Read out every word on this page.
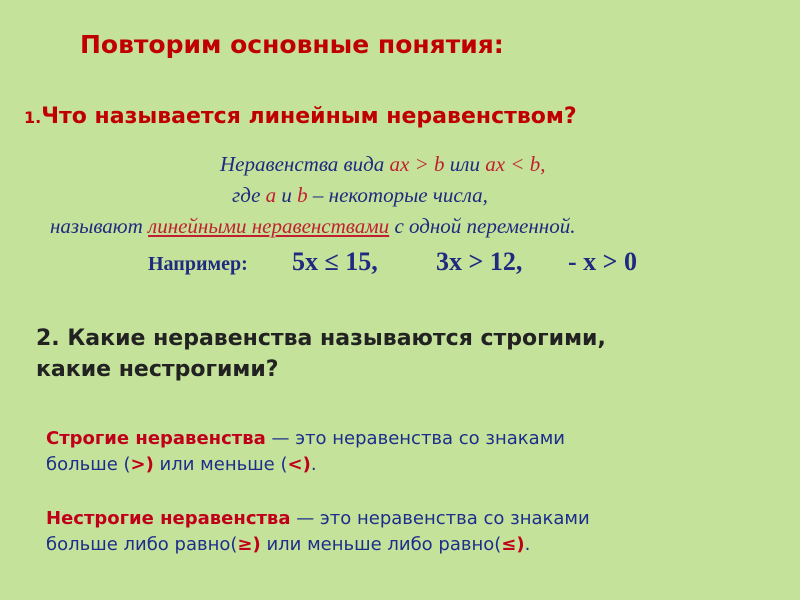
Повторим основные понятия:
1.Что называется линейным неравенством?
Неравенства вида ax > b или ax < b,
где a и b – некоторые числа,
называют линейными неравенствами с одной переменной.
Например: 5x ≤ 15, 3x > 12, - x > 0
2. Какие неравенства называются строгими,
какие нестрогими?
Строгие неравенства — это неравенства со знаками
больше (>) или меньше (<).
Нестрогие неравенства — это неравенства со знаками
больше либо равно(≥) или меньше либо равно(≤).
